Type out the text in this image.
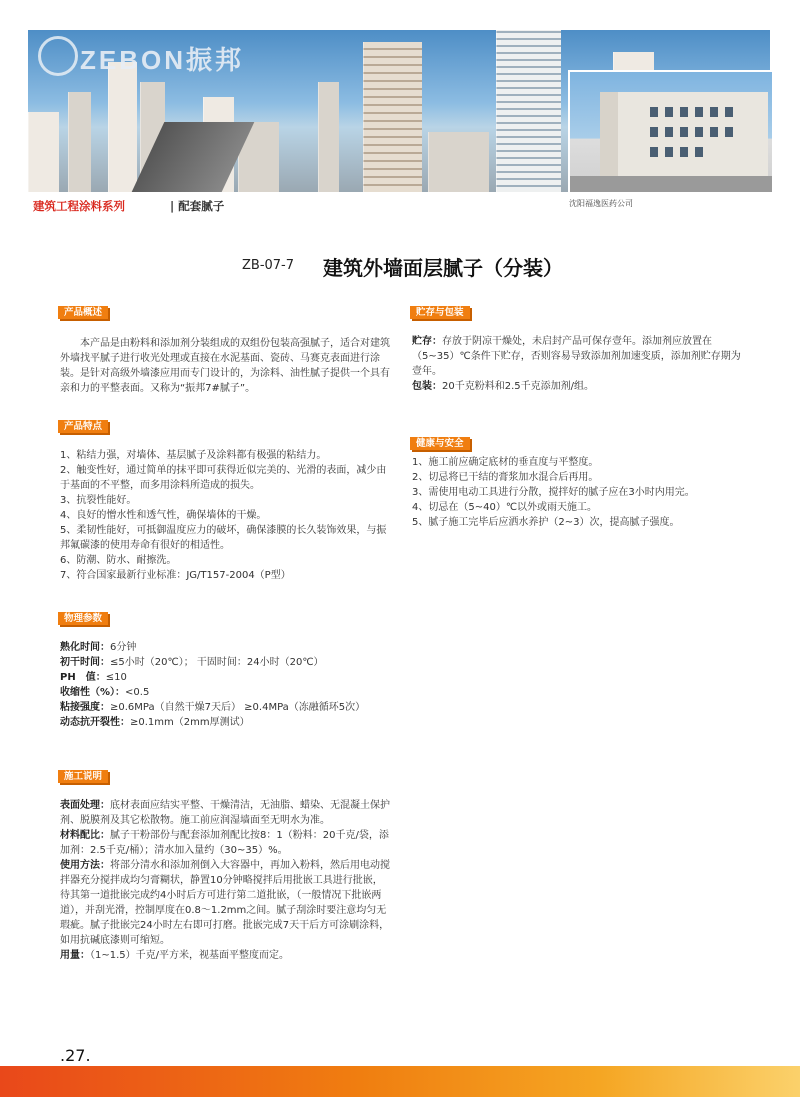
ZEBON振邦
建筑工程涂料系列	| 配套腻子	沈阳福逸医药公司
ZB-07-7 建筑外墙面层腻子（分装）
产品概述
　　本产品是由粉料和添加剂分装组成的双组份包装高强腻子，适合对建筑外墙找平腻子进行收光处理或直接在水泥基面、瓷砖、马赛克表面进行涂装。是针对高级外墙漆应用而专门设计的，为涂料、油性腻子提供一个具有亲和力的平整表面。又称为“振邦7#腻子”。
产品特点

1、粘结力强，对墙体、基层腻子及涂料都有极强的粘结力。

2、触变性好，通过简单的抹平即可获得近似完美的、光滑的表面，减少由于基面的不平整，而多用涂料所造成的损失。

3、抗裂性能好。

4、良好的憎水性和透气性，确保墙体的干燥。

5、柔韧性能好，可抵御温度应力的破坏，确保漆膜的长久装饰效果，与振邦氟碳漆的使用寿命有很好的相适性。

6、防潮、防水、耐擦洗。

7、符合国家最新行业标准：JG/T157-2004（P型）

物理参数

熟化时间：6分钟

初干时间：≤5小时（20℃）； 干固时间：24小时（20℃）

PH　值：≤10

收缩性（%）：<0.5

粘接强度：≥0.6MPa（自然干燥7天后） ≥0.4MPa（冻融循环5次）

动态抗开裂性：≥0.1mm（2mm厚测试）

施工说明

表面处理：底材表面应结实平整、干燥清洁，无油脂、蜡染、无混凝土保护剂、脱膜剂及其它松散物。施工前应润湿墙面至无明水为准。

材料配比：腻子干粉部份与配套添加剂配比按8：1（粉料：20千克/袋，添加剂：2.5千克/桶）；清水加入量约（30~35）%。

使用方法：将部分清水和添加剂倒入大容器中，再加入粉料，然后用电动搅拌器充分搅拌成均匀膏糊状，静置10分钟略搅拌后用批嵌工具进行批嵌，待其第一道批嵌完成约4小时后方可进行第二道批嵌，（一般情况下批嵌两道），并刮光滑，控制厚度在0.8～1.2mm之间。腻子刮涂时要注意均匀无瑕疵。腻子批嵌完24小时左右即可打磨。批嵌完成7天干后方可涂刷涂料，如用抗碱底漆则可缩短。

用量：（1~1.5）千克/平方米，视基面平整度而定。

贮存与包装

贮存：存放于阴凉干燥处，未启封产品可保存壹年。添加剂应放置在（5~35）℃条件下贮存，否则容易导致添加剂加速变质，添加剂贮存期为壹年。

包装：20千克粉料和2.5千克添加剂/组。

健康与安全

1、施工前应确定底材的垂直度与平整度。

2、切忌将已干结的膏浆加水混合后再用。

3、需使用电动工具进行分散，搅拌好的腻子应在3小时内用完。

4、切忌在（5~40）℃以外或雨天施工。

5、腻子施工完毕后应洒水养护（2~3）次，提高腻子强度。

.27.
